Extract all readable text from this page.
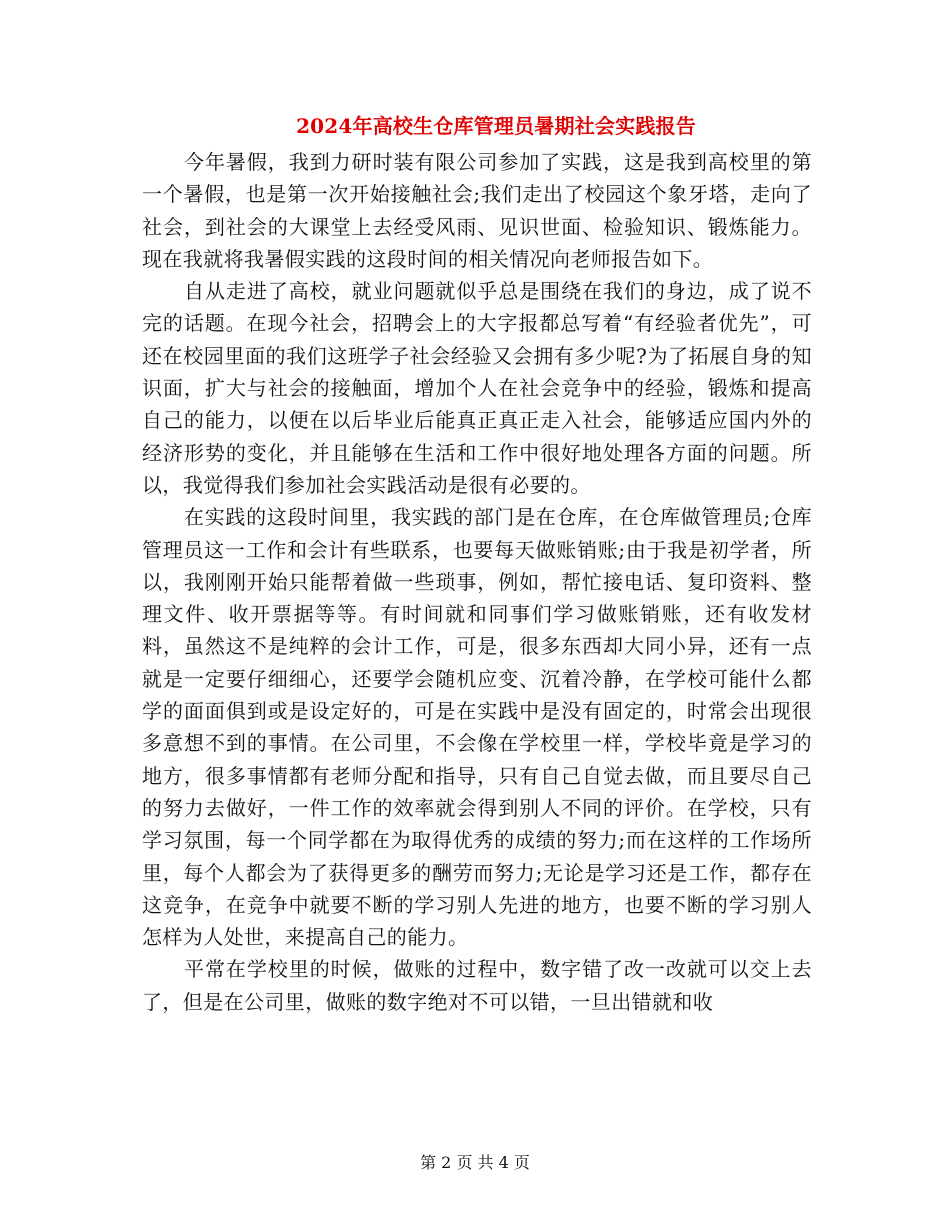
2024年高校生仓库管理员暑期社会实践报告

今年暑假，我到力研时装有限公司参加了实践，这是我到高校里的第一个暑假，也是第一次开始接触社会;我们走出了校园这个象牙塔，走向了社会，到社会的大课堂上去经受风雨、见识世面、检验知识、锻炼能力。现在我就将我暑假实践的这段时间的相关情况向老师报告如下。

自从走进了高校，就业问题就似乎总是围绕在我们的身边，成了说不完的话题。在现今社会，招聘会上的大字报都总写着“有经验者优先”，可还在校园里面的我们这班学子社会经验又会拥有多少呢?为了拓展自身的知识面，扩大与社会的接触面，增加个人在社会竞争中的经验，锻炼和提高自己的能力，以便在以后毕业后能真正真正走入社会，能够适应国内外的经济形势的变化，并且能够在生活和工作中很好地处理各方面的问题。所以，我觉得我们参加社会实践活动是很有必要的。

在实践的这段时间里，我实践的部门是在仓库，在仓库做管理员;仓库管理员这一工作和会计有些联系，也要每天做账销账;由于我是初学者，所以，我刚刚开始只能帮着做一些琐事，例如，帮忙接电话、复印资料、整理文件、收开票据等等。有时间就和同事们学习做账销账，还有收发材料，虽然这不是纯粹的会计工作，可是，很多东西却大同小异，还有一点就是一定要仔细细心，还要学会随机应变、沉着冷静，在学校可能什么都学的面面俱到或是设定好的，可是在实践中是没有固定的，时常会出现很多意想不到的事情。在公司里，不会像在学校里一样，学校毕竟是学习的地方，很多事情都有老师分配和指导，只有自己自觉去做，而且要尽自己的努力去做好，一件工作的效率就会得到别人不同的评价。在学校，只有学习氛围，每一个同学都在为取得优秀的成绩的努力;而在这样的工作场所里，每个人都会为了获得更多的酬劳而努力;无论是学习还是工作，都存在这竞争，在竞争中就要不断的学习别人先进的地方，也要不断的学习别人怎样为人处世，来提高自己的能力。

平常在学校里的时候，做账的过程中，数字错了改一改就可以交上去了，但是在公司里，做账的数字绝对不可以错，一旦出错就和收

第 2 页 共 4 页
